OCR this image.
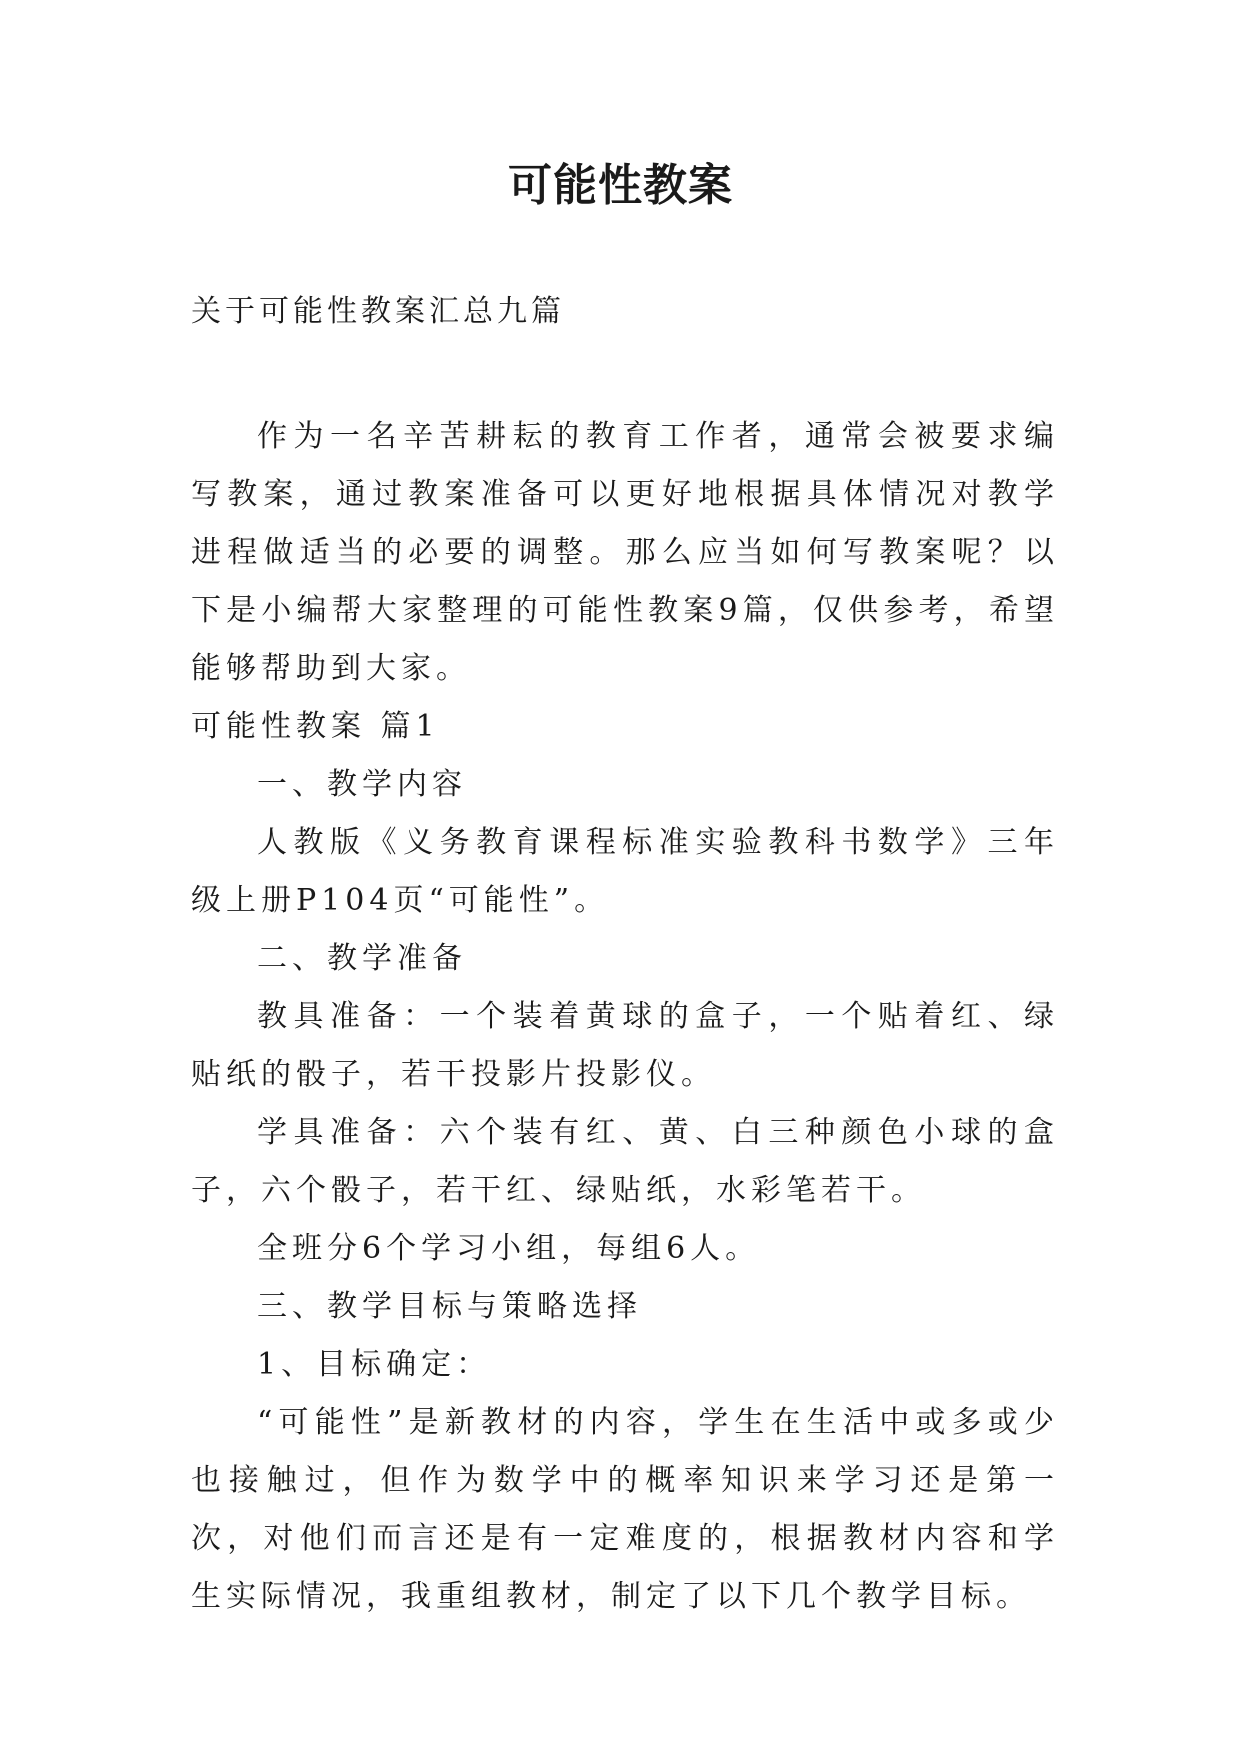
可能性教案

关于可能性教案汇总九篇

作为一名辛苦耕耘的教育工作者，通常会被要求编写教案，通过教案准备可以更好地根据具体情况对教学进程做适当的必要的调整。那么应当如何写教案呢？以下是小编帮大家整理的可能性教案9篇，仅供参考，希望能够帮助到大家。

可能性教案 篇1

一、教学内容

人教版《义务教育课程标准实验教科书数学》三年级上册P104页“可能性”。

二、教学准备

教具准备：一个装着黄球的盒子，一个贴着红、绿贴纸的骰子，若干投影片投影仪。

学具准备：六个装有红、黄、白三种颜色小球的盒子，六个骰子，若干红、绿贴纸，水彩笔若干。

全班分6个学习小组，每组6人。

三、教学目标与策略选择

1、目标确定：

“可能性”是新教材的内容，学生在生活中或多或少也接触过，但作为数学中的概率知识来学习还是第一次，对他们而言还是有一定难度的，根据教材内容和学生实际情况，我重组教材，制定了以下几个教学目标。
